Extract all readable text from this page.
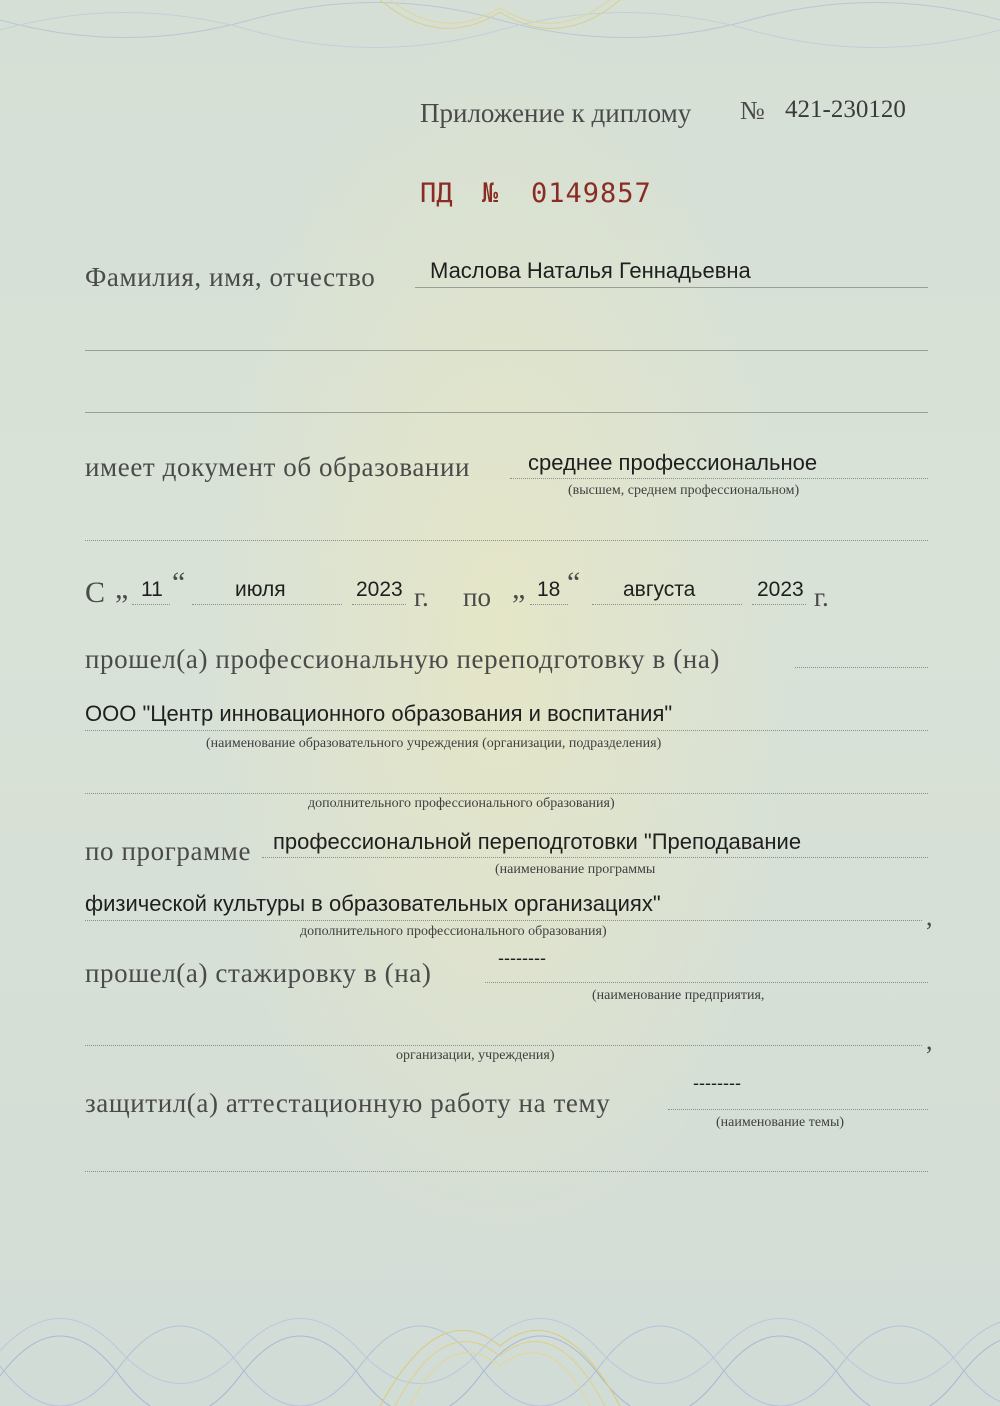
Приложение к диплому № 421-230120
ПД № 0149857
Фамилия, имя, отчество Маслова Наталья Геннадьевна
имеет документ об образовании	среднее профессиональное
(высшем, среднем профессиональном)
С „ 11 “ июля	2023 г. по „ 18 “ августа	2023 г.
прошел(а) профессиональную переподготовку в (на)
ООО "Центр инновационного образования и воспитания"
(наименование образовательного учреждения (организации, подразделения)
дополнительного профессионального образования)
по программе профессиональной переподготовки "Преподавание
(наименование программы
физической культуры в образовательных организациях"	,
дополнительного профессионального образования)
прошел(а) стажировку в (на)	--------
(наименование предприятия,
,
организации, учреждения)
защитил(а) аттестационную работу на тему
--------
(наименование темы)
